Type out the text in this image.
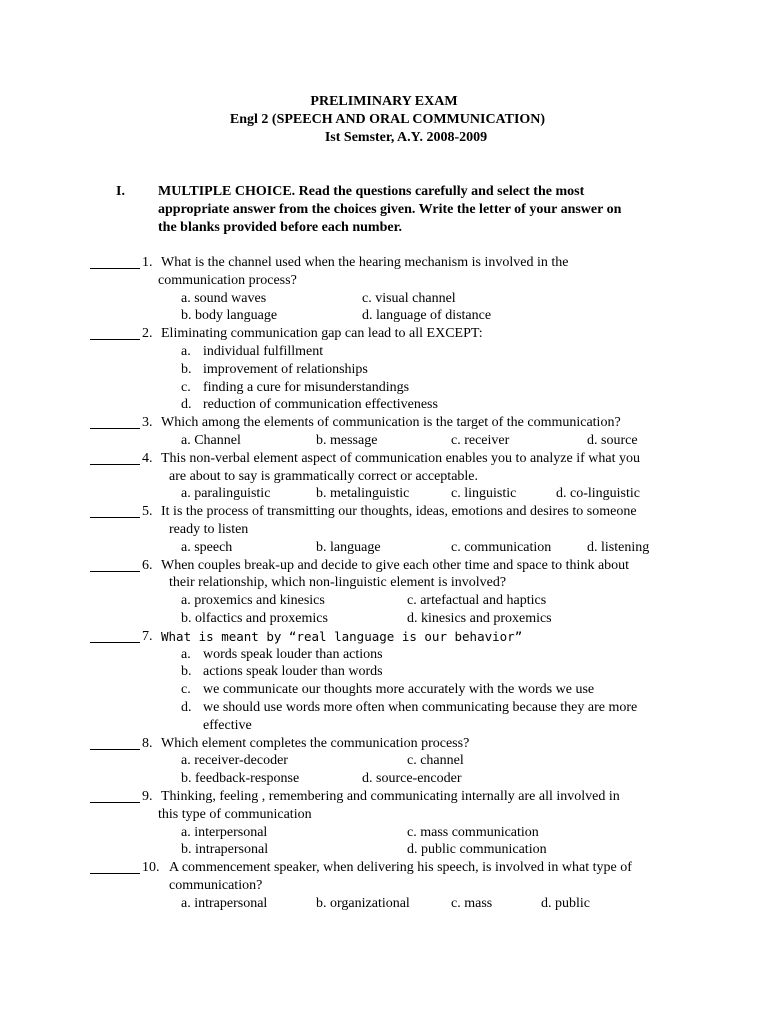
PRELIMINARY EXAM
Engl 2 (SPEECH AND ORAL COMMUNICATION)
Ist Semster, A.Y. 2008-2009
I. MULTIPLE CHOICE. Read the questions carefully and select the most
appropriate answer from the choices given. Write the letter of your answer on
the blanks provided before each number.
1. What is the channel used when the hearing mechanism is involved in the
communication process?
a. sound waves	c. visual channel
b. body language	d. language of distance
2. Eliminating communication gap can lead to all EXCEPT:
a. individual fulfillment
b. improvement of relationships
c. finding a cure for misunderstandings
d. reduction of communication effectiveness
3. Which among the elements of communication is the target of the communication?
a. Channel	b. message	c. receiver	d. source
4. This non-verbal element aspect of communication enables you to analyze if what you
are about to say is grammatically correct or acceptable.
a. paralinguistic	b. metalinguistic	c. linguistic	d. co-linguistic
5. It is the process of transmitting our thoughts, ideas, emotions and desires to someone
ready to listen
a. speech	b. language	c. communication	d. listening
6. When couples break-up and decide to give each other time and space to think about
their relationship, which non-linguistic element is involved?
a. proxemics and kinesics	c. artefactual and haptics
b. olfactics and proxemics	d. kinesics and proxemics
7. What is meant by “real language is our behavior”
a. words speak louder than actions
b. actions speak louder than words
c. we communicate our thoughts more accurately with the words we use
d. we should use words more often when communicating because they are more
effective
8. Which element completes the communication process?
a. receiver-decoder	c. channel
b. feedback-response	d. source-encoder
9. Thinking, feeling , remembering and communicating internally are all involved in
this type of communication
a. interpersonal	c. mass communication
b. intrapersonal	d. public communication
10. A commencement speaker, when delivering his speech, is involved in what type of
communication?
a. intrapersonal	b. organizational	c. mass	d. public
